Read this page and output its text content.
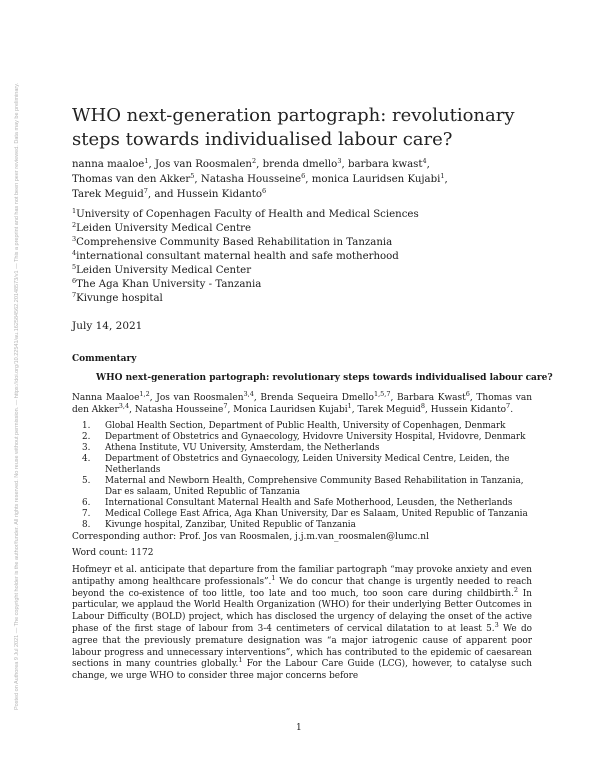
Posted on Authorea 9 Jul 2021 — The copyright holder is the author/funder. All rights reserved. No reuse without permission. — https://doi.org/10.22541/au.162584562.20148573/v1 — This a preprint and has not been peer reviewed. Data may be preliminary.	WHO next-generation partograph: revolutionary steps towards individualised labour care?
nanna maaloe$^1$, Jos van Roosmalen$^2$, brenda dmello$^3$, barbara kwast$^4$, Thomas van den Akker$^5$, Natasha Housseine$^6$, monica Lauridsen Kujabi$^1$, Tarek Meguid$^7$, and Hussein Kidanto$^6$
$^1$University of Copenhagen Faculty of Health and Medical Sciences
$^2$Leiden University Medical Centre
$^3$Comprehensive Community Based Rehabilitation in Tanzania
$^4$international consultant maternal health and safe motherhood
$^5$Leiden University Medical Center
$^6$The Aga Khan University - Tanzania
$^7$Kivunge hospital
July 14, 2021
Commentary
WHO next-generation partograph: revolutionary steps towards individualised labour care?
Nanna Maaloe$^{1,2}$, Jos van Roosmalen$^{3,4}$, Brenda Sequeira Dmello$^{1,5,7}$, Barbara Kwast$^6$, Thomas van den Akker$^{3,4}$, Natasha Housseine$^7$, Monica Lauridsen Kujabi$^1$, Tarek Meguid$^8$, Hussein Kidanto$^7$.
1. Global Health Section, Department of Public Health, University of Copenhagen, Denmark
2. Department of Obstetrics and Gynaecology, Hvidovre University Hospital, Hvidovre, Denmark
3. Athena Institute, VU University, Amsterdam, the Netherlands
4. Department of Obstetrics and Gynaecology, Leiden University Medical Centre, Leiden, the Netherlands
5. Maternal and Newborn Health, Comprehensive Community Based Rehabilitation in Tanzania, Dar es salaam, United Republic of Tanzania
6. International Consultant Maternal Health and Safe Motherhood, Leusden, the Netherlands
7. Medical College East Africa, Aga Khan University, Dar es Salaam, United Republic of Tanzania
8. Kivunge hospital, Zanzibar, United Republic of Tanzania
Corresponding author: Prof. Jos van Roosmalen, j.j.m.van_roosmalen@lumc.nl
Word count: 1172

Hofmeyr et al. anticipate that departure from the familiar partograph “may provoke anxiety and even antipathy among healthcare professionals”.$^1$ We do concur that change is urgently needed to reach beyond the co-existence of too little, too late and too much, too soon care during childbirth.$^2$ In particular, we applaud the World Health Organization (WHO) for their underlying Better Outcomes in Labour Difficulty (BOLD) project, which has disclosed the urgency of delaying the onset of the active phase of the first stage of labour from 3-4 centimeters of cervical dilatation to at least 5.$^3$ We do agree that the previously premature designation was “a major iatrogenic cause of apparent poor labour progress and unnecessary interventions”, which has contributed to the epidemic of caesarean sections in many countries globally.$^1$ For the Labour Care Guide (LCG), however, to catalyse such change, we urge WHO to consider three major concerns before

1
